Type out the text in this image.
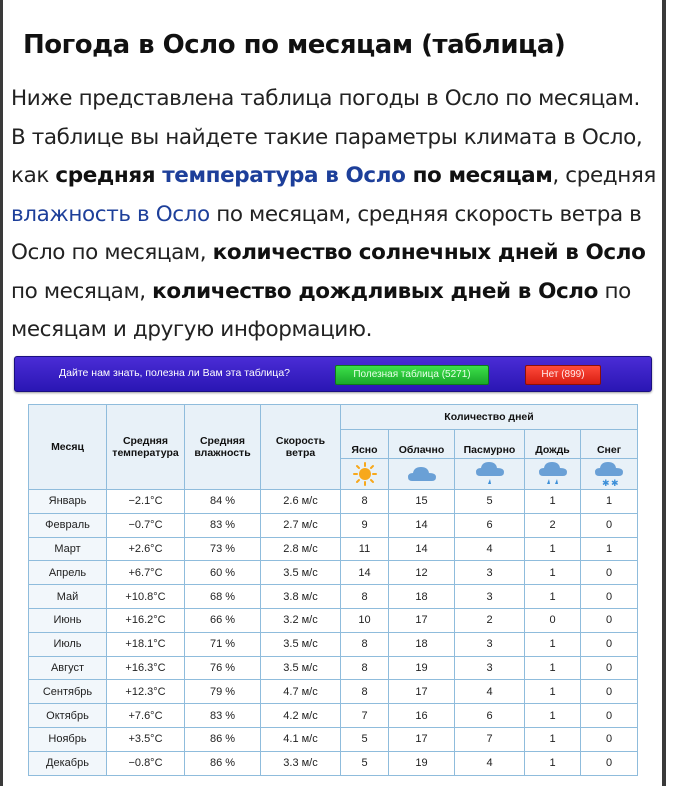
Погода в Осло по месяцам (таблица)
Ниже представлена таблица погоды в Осло по месяцам. В таблице вы найдете такие параметры климата в Осло, как средняя температура в Осло по месяцам, средняя влажность в Осло по месяцам, средняя скорость ветра в Осло по месяцам, количество солнечных дней в Осло по месяцам, количество дождливых дней в Осло по месяцам и другую информацию.
Дайте нам знать, полезна ли Вам эта таблица?	Полезная таблица (5271)	Нет (899)
Месяц	Средняя температура	Средняя влажность	Скорость ветра	Количество дней				
				Ясно	Облачно	Пасмурно	Дождь	Снег

✱ ✱

Январь	−2.1°C	84 %	2.6 м/с	8	15	5	1	1
Февраль	−0.7°C	83 %	2.7 м/с	9	14	6	2	0
Март	+2.6°C	73 %	2.8 м/с	11	14	4	1	1
Апрель	+6.7°C	60 %	3.5 м/с	14	12	3	1	0
Май	+10.8°C	68 %	3.8 м/с	8	18	3	1	0
Июнь	+16.2°C	66 %	3.2 м/с	10	17	2	0	0
Июль	+18.1°C	71 %	3.5 м/с	8	18	3	1	0
Август	+16.3°C	76 %	3.5 м/с	8	19	3	1	0
Сентябрь	+12.3°C	79 %	4.7 м/с	8	17	4	1	0
Октябрь	+7.6°C	83 %	4.2 м/с	7	16	6	1	0
Ноябрь	+3.5°C	86 %	4.1 м/с	5	17	7	1	0
Декабрь	−0.8°C	86 %	3.3 м/с	5	19	4	1	0
